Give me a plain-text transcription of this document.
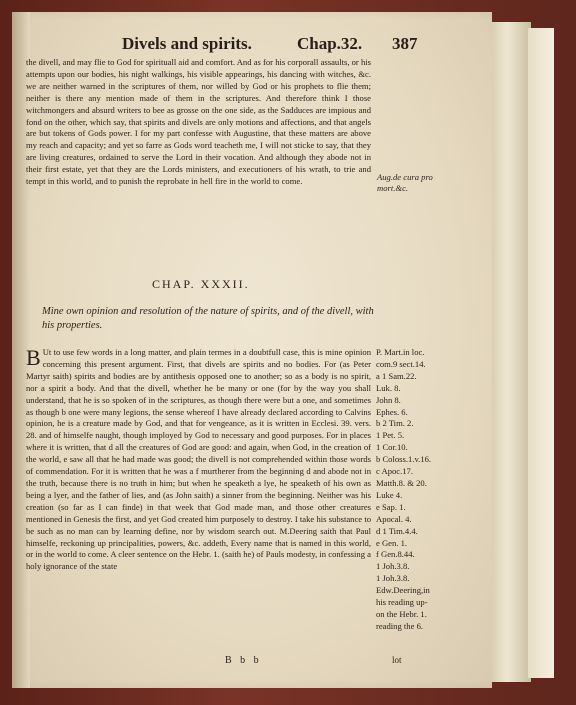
Divels and spirits.	Chap.32. 387

the divell, and may flie to God for spirituall aid and comfort. And as for his corporall assaults, or his attempts upon our bodies, his night walkings, his visible appearings, his dancing with witches, &c. we are neither warned in the scriptures of them, nor willed by God or his prophets to flie them; neither is there any mention made of them in the scriptures. And therefore think I those witchmongers and absurd writers to bee as grosse on the one side, as the Sadduces are impious and fond on the other, which say, that spirits and divels are only motions and affections, and that angels are but tokens of Gods power. I for my part confesse with Augustine, that these matters are above my reach and capacity; and yet so farre as Gods word teacheth me, I will not sticke to say, that they are living creatures, ordained to serve the Lord in their vocation. And although they abode not in their first estate, yet that they are the Lords ministers, and executioners of his wrath, to trie and tempt in this world, and to punish the reprobate in hell fire in the world to come.	Aug.de cura pro mort.&c.
CHAP. XXXII.
Mine own opinion and resolution of the nature of spirits, and of the divell, with his properties.
B Ut to use few words in a long matter, and plain termes in a doubtfull case, this is mine opinion concerning this present argument. First, that divels are spirits and no bodies. For (as Peter Martyr saith) spirits and bodies are by antithesis opposed one to another; so as a body is no spirit, nor a spirit a body. And that the divell, whether he be many or one (for by the way you shall understand, that he is so spoken of in the scriptures, as though there were but a one, and sometimes as though b one were many legions, the sense whereof I have already declared according to Calvins opinion, he is a creature made by God, and that for vengeance, as it is written in Ecclesi. 39. vers. 28. and of himselfe naught, though imployed by God to necessary and good purposes. For in places where it is written, that d all the creatures of God are good: and again, when God, in the creation of the world, e saw all that he had made was good; the divell is not comprehended within those words of commendation. For it is written that he was a f murtherer from the beginning d and abode not in the truth, because there is no truth in him; but when he speaketh a lye, he speaketh of his own as being a lyer, and the father of lies, and (as John saith) a sinner from the beginning. Neither was his creation (so far as I can finde) in that week that God made man, and those other creatures mentioned in Genesis the first, and yet God created him purposely to destroy. I take his substance to be such as no man can by learning define, nor by wisdom search out. M.Deering saith that Paul himselfe, reckoning up principalities, powers, &c. addeth, Every name that is named in this world, or in the world to come. A cleer sentence on the Hebr. 1. (saith he) of Pauls modesty, in confessing a holy ignorance of the state
P. Mart.in loc.
com.9 sect.14.
a 1 Sam.22.
Luk. 8.
John 8.
Ephes. 6.
b 2 Tim. 2.
1 Pet. 5.
1 Cor.10.
b Coloss.1.v.16.
c Apoc.17.
Matth.8. & 20.
Luke 4.
e Sap. 1.
Apocal. 4.
d 1 Tim.4.4.
e Gen. 1.
f Gen.8.44.
1 Joh.3.8.
1 Joh.3.8.
Edw.Deering,in
his reading up-
on the Hebr. 1.
reading the 6.
B b b	lot
